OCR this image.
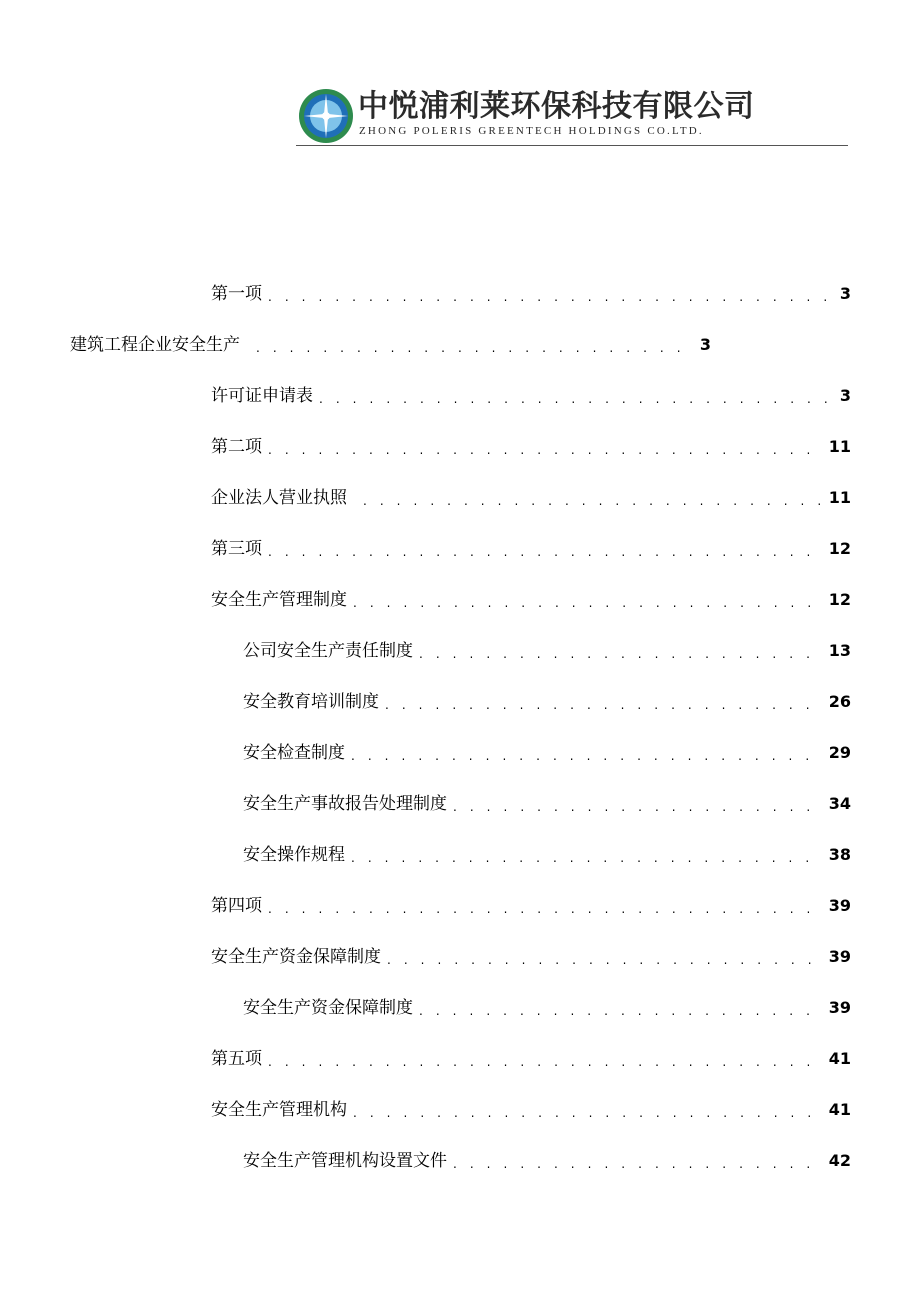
中悦浦利莱环保科技有限公司
ZHONG POLERIS GREENTECH HOLDINGS CO.LTD.
第一项 . . .	3
建筑工程企业安全生产 . . .	3
许可证申请表 . . .	3
第二项 . . .	11
企业法人营业执照 . . .	11
第三项 . . .	12
安全生产管理制度 . . .	12
公司安全生产责任制度 . . .	13
安全教育培训制度 . . .	26
安全检查制度 . . .	29
安全生产事故报告处理制度 . . .	34
安全操作规程 . . .	38
第四项 . . .	39
安全生产资金保障制度 . . .	39
安全生产资金保障制度 . . .	39
第五项 . . .	41
安全生产管理机构 . . .	41
安全生产管理机构设置文件 . . .	42
